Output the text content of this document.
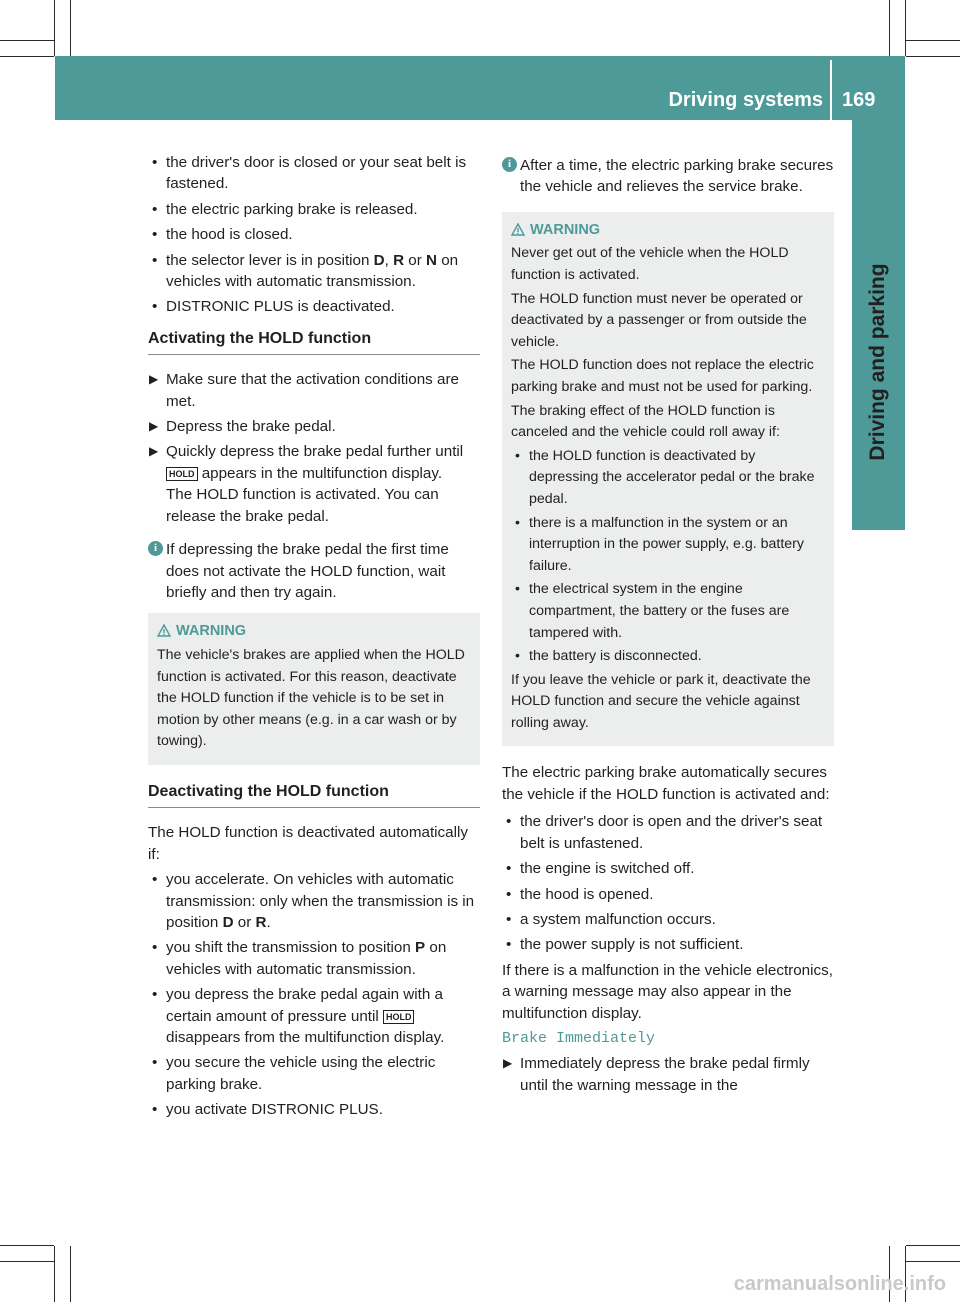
Driving systems 169
Driving and parking
• the driver's door is closed or your seat belt is fastened.
• the electric parking brake is released.
• the hood is closed.
• the selector lever is in position D, R or N on vehicles with automatic transmission.
• DISTRONIC PLUS is deactivated.
Activating the HOLD function
▶ Make sure that the activation conditions are met.
▶ Depress the brake pedal.
▶ Quickly depress the brake pedal further until HOLD appears in the multifunction display.
The HOLD function is activated. You can release the brake pedal.
i If depressing the brake pedal the first time does not activate the HOLD function, wait briefly and then try again.
WARNING
The vehicle's brakes are applied when the HOLD function is activated. For this reason, deactivate the HOLD function if the vehicle is to be set in motion by other means (e.g. in a car wash or by towing).
Deactivating the HOLD function
The HOLD function is deactivated automatically if:
• you accelerate. On vehicles with automatic transmission: only when the transmission is in position D or R.
• you shift the transmission to position P on vehicles with automatic transmission.
• you depress the brake pedal again with a certain amount of pressure until HOLD disappears from the multifunction display.
• you secure the vehicle using the electric parking brake.
• you activate DISTRONIC PLUS.
i After a time, the electric parking brake secures the vehicle and relieves the service brake.
WARNING
Never get out of the vehicle when the HOLD function is activated.
The HOLD function must never be operated or deactivated by a passenger or from outside the vehicle.
The HOLD function does not replace the electric parking brake and must not be used for parking.
The braking effect of the HOLD function is canceled and the vehicle could roll away if:
• the HOLD function is deactivated by depressing the accelerator pedal or the brake pedal.
• there is a malfunction in the system or an interruption in the power supply, e.g. battery failure.
• the electrical system in the engine compartment, the battery or the fuses are tampered with.
• the battery is disconnected.
If you leave the vehicle or park it, deactivate the HOLD function and secure the vehicle against rolling away.
The electric parking brake automatically secures the vehicle if the HOLD function is activated and:
• the driver's door is open and the driver's seat belt is unfastened.
• the engine is switched off.
• the hood is opened.
• a system malfunction occurs.
• the power supply is not sufficient.
If there is a malfunction in the vehicle electronics, a warning message may also appear in the multifunction display.
Brake Immediately
▶ Immediately depress the brake pedal firmly until the warning message in the
carmanualsonline.info
